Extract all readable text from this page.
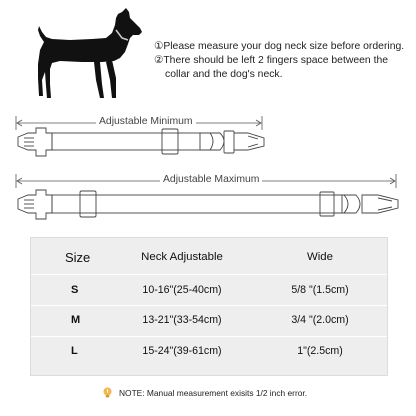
①Please measure your dog neck size before ordering.
②There should be left 2 fingers space between the
collar and the dog's neck.
Adjustable Minimum
Adjustable Maximum
Size	Neck Adjustable	Wide
S	10-16"(25-40cm)	5/8 "(1.5cm)
M	13-21"(33-54cm)	3/4 "(2.0cm)
L	15-24"(39-61cm)	1"(2.5cm)
NOTE: Manual measurement exisits 1/2 inch error.
